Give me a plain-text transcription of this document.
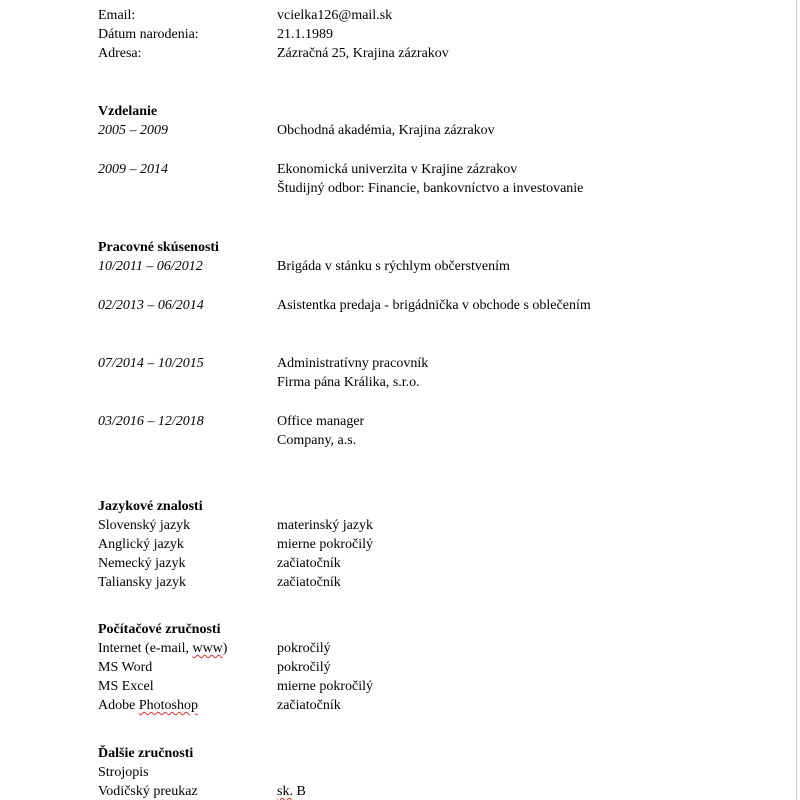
Email:	vcielka126@mail.sk
Dátum narodenia:	21.1.1989
Adresa:	Zázračná 25, Krajina zázrakov
Vzdelanie
2005 – 2009	Obchodná akadémia, Krajina zázrakov
2009 – 2014	Ekonomická univerzita v Krajine zázrakov
Študijný odbor: Financie, bankovníctvo a investovanie
Pracovné skúsenosti
10/2011 – 06/2012	Brigáda v stánku s rýchlym občerstvením
02/2013 – 06/2014	Asistentka predaja - brigádnička v obchode s oblečením
07/2014 – 10/2015	Administratívny pracovník
Firma pána Králika, s.r.o.
03/2016 – 12/2018	Office manager
Company, a.s.
Jazykové znalosti
Slovenský jazyk	materinský jazyk
Anglický jazyk	mierne pokročilý
Nemecký jazyk	začiatočník
Taliansky jazyk	začiatočník
Počítačové zručnosti
Internet (e-mail, www)	pokročilý
MS Word	pokročilý
MS Excel	mierne pokročilý
Adobe Photoshop	začiatočník
Ďalšie zručnosti
Strojopis
Vodičský preukaz	sk. B
